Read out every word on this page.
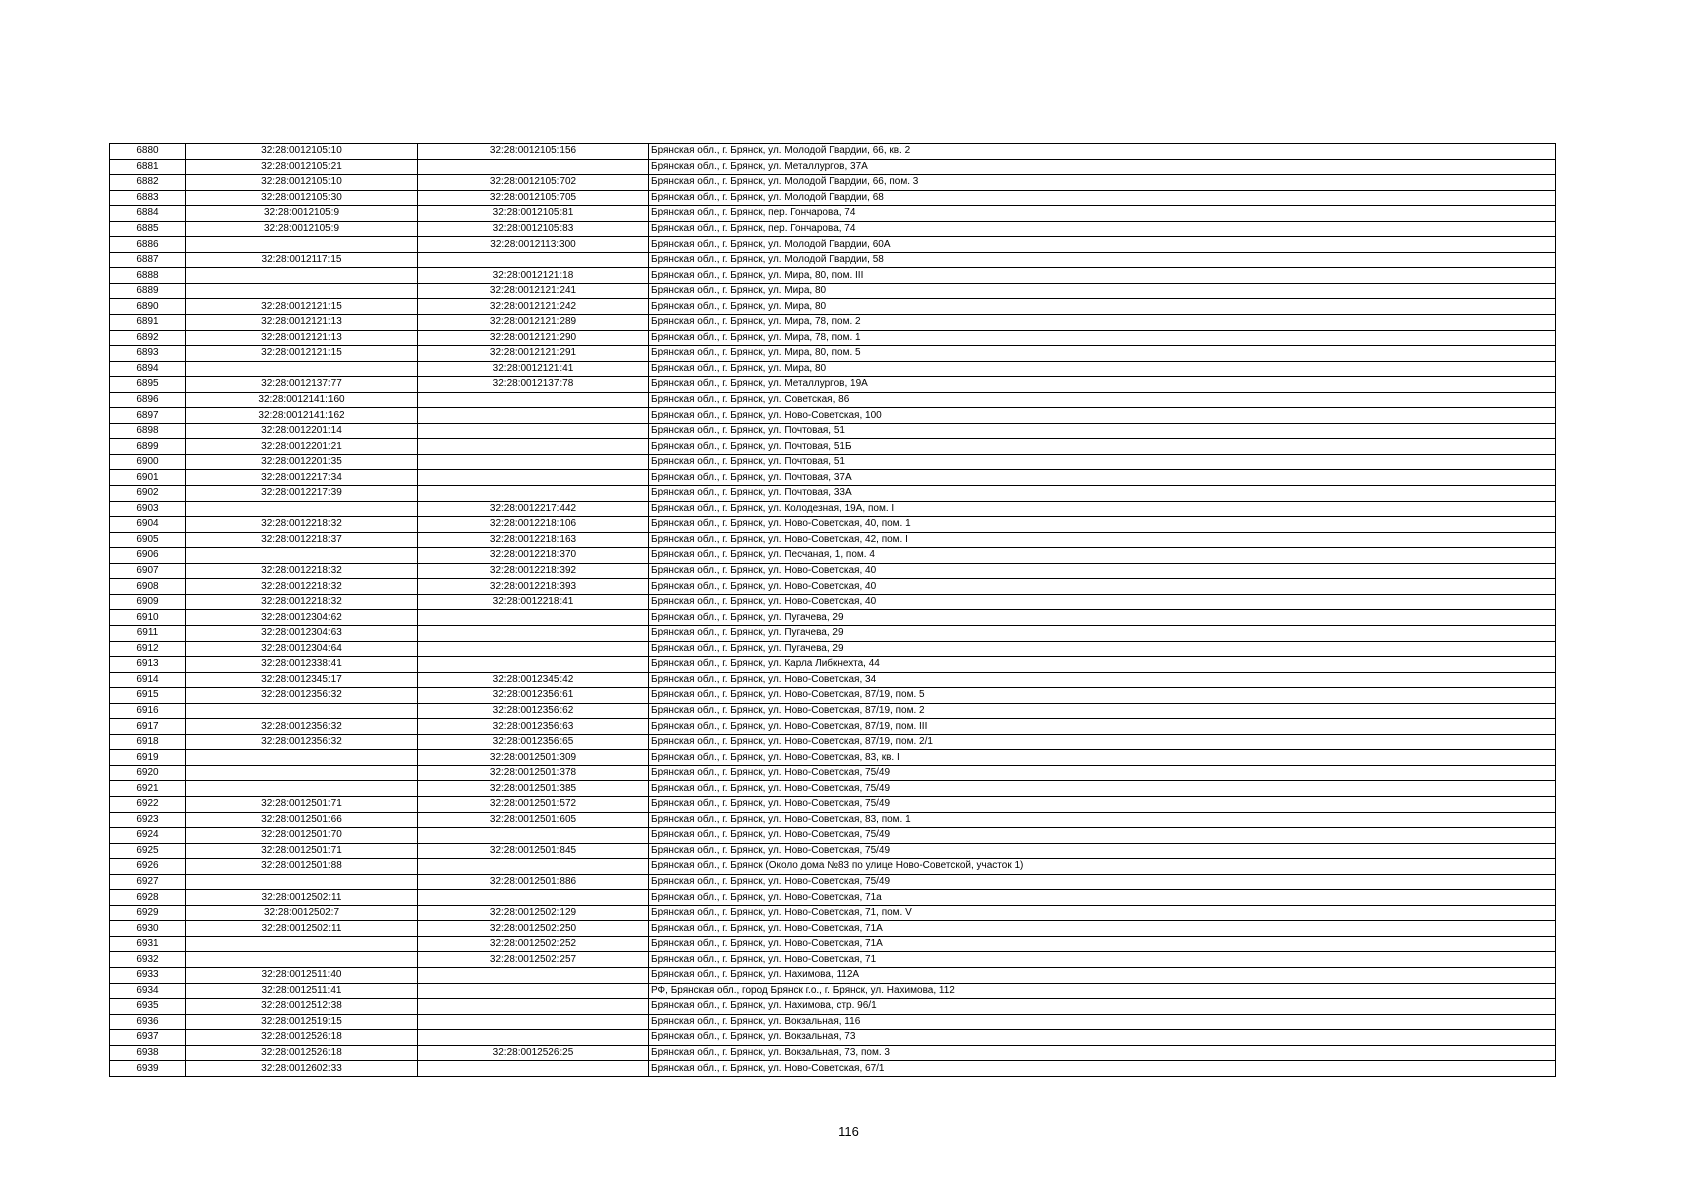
6880	32:28:0012105:10	32:28:0012105:156	Брянская обл., г. Брянск, ул. Молодой Гвардии, 66, кв. 2
6881	32:28:0012105:21		Брянская обл., г. Брянск, ул. Металлургов, 37А
6882	32:28:0012105:10	32:28:0012105:702	Брянская обл., г. Брянск, ул. Молодой Гвардии, 66, пом. 3
6883	32:28:0012105:30	32:28:0012105:705	Брянская обл., г. Брянск, ул. Молодой Гвардии, 68
6884	32:28:0012105:9	32:28:0012105:81	Брянская обл., г. Брянск, пер. Гончарова, 74
6885	32:28:0012105:9	32:28:0012105:83	Брянская обл., г. Брянск, пер. Гончарова, 74
6886		32:28:0012113:300	Брянская обл., г. Брянск, ул. Молодой Гвардии, 60А
6887	32:28:0012117:15		Брянская обл., г. Брянск, ул. Молодой Гвардии, 58
6888		32:28:0012121:18	Брянская обл., г. Брянск, ул. Мира, 80, пом. III
6889		32:28:0012121:241	Брянская обл., г. Брянск, ул. Мира, 80
6890	32:28:0012121:15	32:28:0012121:242	Брянская обл., г. Брянск, ул. Мира, 80
6891	32:28:0012121:13	32:28:0012121:289	Брянская обл., г. Брянск, ул. Мира, 78, пом. 2
6892	32:28:0012121:13	32:28:0012121:290	Брянская обл., г. Брянск, ул. Мира, 78, пом. 1
6893	32:28:0012121:15	32:28:0012121:291	Брянская обл., г. Брянск, ул. Мира, 80, пом. 5
6894		32:28:0012121:41	Брянская обл., г. Брянск, ул. Мира, 80
6895	32:28:0012137:77	32:28:0012137:78	Брянская обл., г. Брянск, ул. Металлургов, 19А
6896	32:28:0012141:160		Брянская обл., г. Брянск, ул. Советская, 86
6897	32:28:0012141:162		Брянская обл., г. Брянск, ул. Ново-Советская, 100
6898	32:28:0012201:14		Брянская обл., г. Брянск, ул. Почтовая, 51
6899	32:28:0012201:21		Брянская обл., г. Брянск, ул. Почтовая, 51Б
6900	32:28:0012201:35		Брянская обл., г. Брянск, ул. Почтовая, 51
6901	32:28:0012217:34		Брянская обл., г. Брянск, ул. Почтовая, 37А
6902	32:28:0012217:39		Брянская обл., г. Брянск, ул. Почтовая, 33А
6903		32:28:0012217:442	Брянская обл., г. Брянск, ул. Колодезная, 19А, пом. I
6904	32:28:0012218:32	32:28:0012218:106	Брянская обл., г. Брянск, ул. Ново-Советская, 40, пом. 1
6905	32:28:0012218:37	32:28:0012218:163	Брянская обл., г. Брянск, ул. Ново-Советская, 42, пом. I
6906		32:28:0012218:370	Брянская обл., г. Брянск, ул. Песчаная, 1, пом. 4
6907	32:28:0012218:32	32:28:0012218:392	Брянская обл., г. Брянск, ул. Ново-Советская, 40
6908	32:28:0012218:32	32:28:0012218:393	Брянская обл., г. Брянск, ул. Ново-Советская, 40
6909	32:28:0012218:32	32:28:0012218:41	Брянская обл., г. Брянск, ул. Ново-Советская, 40
6910	32:28:0012304:62		Брянская обл., г. Брянск, ул. Пугачева, 29
6911	32:28:0012304:63		Брянская обл., г. Брянск, ул. Пугачева, 29
6912	32:28:0012304:64		Брянская обл., г. Брянск, ул. Пугачева, 29
6913	32:28:0012338:41		Брянская обл., г. Брянск, ул. Карла Либкнехта, 44
6914	32:28:0012345:17	32:28:0012345:42	Брянская обл., г. Брянск, ул. Ново-Советская, 34
6915	32:28:0012356:32	32:28:0012356:61	Брянская обл., г. Брянск, ул. Ново-Советская, 87/19, пом. 5
6916		32:28:0012356:62	Брянская обл., г. Брянск, ул. Ново-Советская, 87/19, пом. 2
6917	32:28:0012356:32	32:28:0012356:63	Брянская обл., г. Брянск, ул. Ново-Советская, 87/19, пом. III
6918	32:28:0012356:32	32:28:0012356:65	Брянская обл., г. Брянск, ул. Ново-Советская, 87/19, пом. 2/1
6919		32:28:0012501:309	Брянская обл., г. Брянск, ул. Ново-Советская, 83, кв. I
6920		32:28:0012501:378	Брянская обл., г. Брянск, ул. Ново-Советская, 75/49
6921		32:28:0012501:385	Брянская обл., г. Брянск, ул. Ново-Советская, 75/49
6922	32:28:0012501:71	32:28:0012501:572	Брянская обл., г. Брянск, ул. Ново-Советская, 75/49
6923	32:28:0012501:66	32:28:0012501:605	Брянская обл., г. Брянск, ул. Ново-Советская, 83, пом. 1
6924	32:28:0012501:70		Брянская обл., г. Брянск, ул. Ново-Советская, 75/49
6925	32:28:0012501:71	32:28:0012501:845	Брянская обл., г. Брянск, ул. Ново-Советская, 75/49
6926	32:28:0012501:88		Брянская обл., г. Брянск (Около дома №83 по улице Ново-Советской, участок 1)
6927		32:28:0012501:886	Брянская обл., г. Брянск, ул. Ново-Советская, 75/49
6928	32:28:0012502:11		Брянская обл., г. Брянск, ул. Ново-Советская, 71а
6929	32:28:0012502:7	32:28:0012502:129	Брянская обл., г. Брянск, ул. Ново-Советская, 71, пом. V
6930	32:28:0012502:11	32:28:0012502:250	Брянская обл., г. Брянск, ул. Ново-Советская, 71А
6931		32:28:0012502:252	Брянская обл., г. Брянск, ул. Ново-Советская, 71А
6932		32:28:0012502:257	Брянская обл., г. Брянск, ул. Ново-Советская, 71
6933	32:28:0012511:40		Брянская обл., г. Брянск, ул. Нахимова, 112А
6934	32:28:0012511:41		РФ, Брянская обл., город Брянск г.о., г. Брянск, ул. Нахимова, 112
6935	32:28:0012512:38		Брянская обл., г. Брянск, ул. Нахимова, стр. 96/1
6936	32:28:0012519:15		Брянская обл., г. Брянск, ул. Вокзальная, 116
6937	32:28:0012526:18		Брянская обл., г. Брянск, ул. Вокзальная, 73
6938	32:28:0012526:18	32:28:0012526:25	Брянская обл., г. Брянск, ул. Вокзальная, 73, пом. 3
6939	32:28:0012602:33		Брянская обл., г. Брянск, ул. Ново-Советская, 67/1
116
